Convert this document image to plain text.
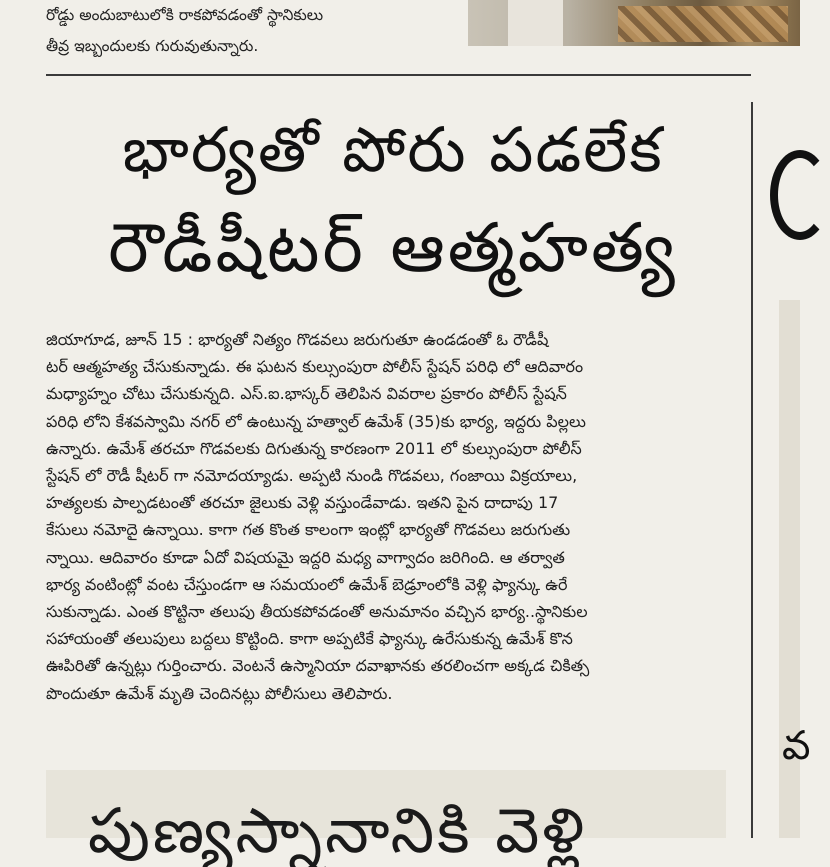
రోడ్డు అందుబాటులోకి రాకపోవడంతో స్థానికులు
తీవ్ర ఇబ్బందులకు గురువుతున్నారు.
భార్యతో పోరు పడలేక
రౌడీషీటర్ ఆత్మహత్య
జియాగూడ, జూన్ 15 : భార్యతో నిత్యం గొడవలు జరుగుతూ ఉండడంతో ఓ రౌడీషీ
టర్ ఆత్మహత్య చేసుకున్నాడు. ఈ ఘటన కుల్సుంపురా పోలీస్ స్టేషన్ పరిధి లో ఆదివారం
మధ్యాహ్నం చోటు చేసుకున్నది. ఎస్.ఐ.భాస్కర్ తెలిపిన వివరాల ప్రకారం పోలీస్ స్టేషన్
పరిధి లోని కేశవస్వామి నగర్ లో ఉంటున్న హత్వాల్ ఉమేశ్ (35)కు భార్య, ఇద్దరు పిల్లలు
ఉన్నారు. ఉమేశ్ తరచూ గొడవలకు దిగుతున్న కారణంగా 2011 లో కుల్సుంపురా పోలీస్
స్టేషన్ లో రౌడీ షీటర్ గా నమోదయ్యాడు. అప్పటి నుండి గొడవలు, గంజాయి విక్రయాలు,
హత్యలకు పాల్పడటంతో తరచూ జైలుకు వెళ్లి వస్తుండేవాడు. ఇతని పైన దాదాపు 17
కేసులు నమోదై ఉన్నాయి. కాగా గత కొంత కాలంగా ఇంట్లో భార్యతో గొడవలు జరుగుతు
న్నాయి. ఆదివారం కూడా ఏదో విషయమై ఇద్దరి మధ్య వాగ్వాదం జరిగింది. ఆ తర్వాత
భార్య వంటింట్లో వంట చేస్తుండగా ఆ సమయంలో ఉమేశ్ బెడ్రూంలోకి వెళ్లి ఫ్యాన్కు ఉరే
సుకున్నాడు. ఎంత కొట్టినా తలుపు తీయకపోవడంతో అనుమానం వచ్చిన భార్య..స్థానికుల
సహాయంతో తలుపులు బద్దలు కొట్టింది. కాగా అప్పటికే ఫ్యాన్కు ఉరేసుకున్న ఉమేశ్ కొన
ఊపిరితో ఉన్నట్లు గుర్తించారు. వెంటనే ఉస్మానియా దవాఖానకు తరలించగా అక్కడ చికిత్స
పొందుతూ ఉమేశ్ మృతి చెందినట్లు పోలీసులు తెలిపారు.
పుణ్యస్నానానికి వెళ్లి
వ
